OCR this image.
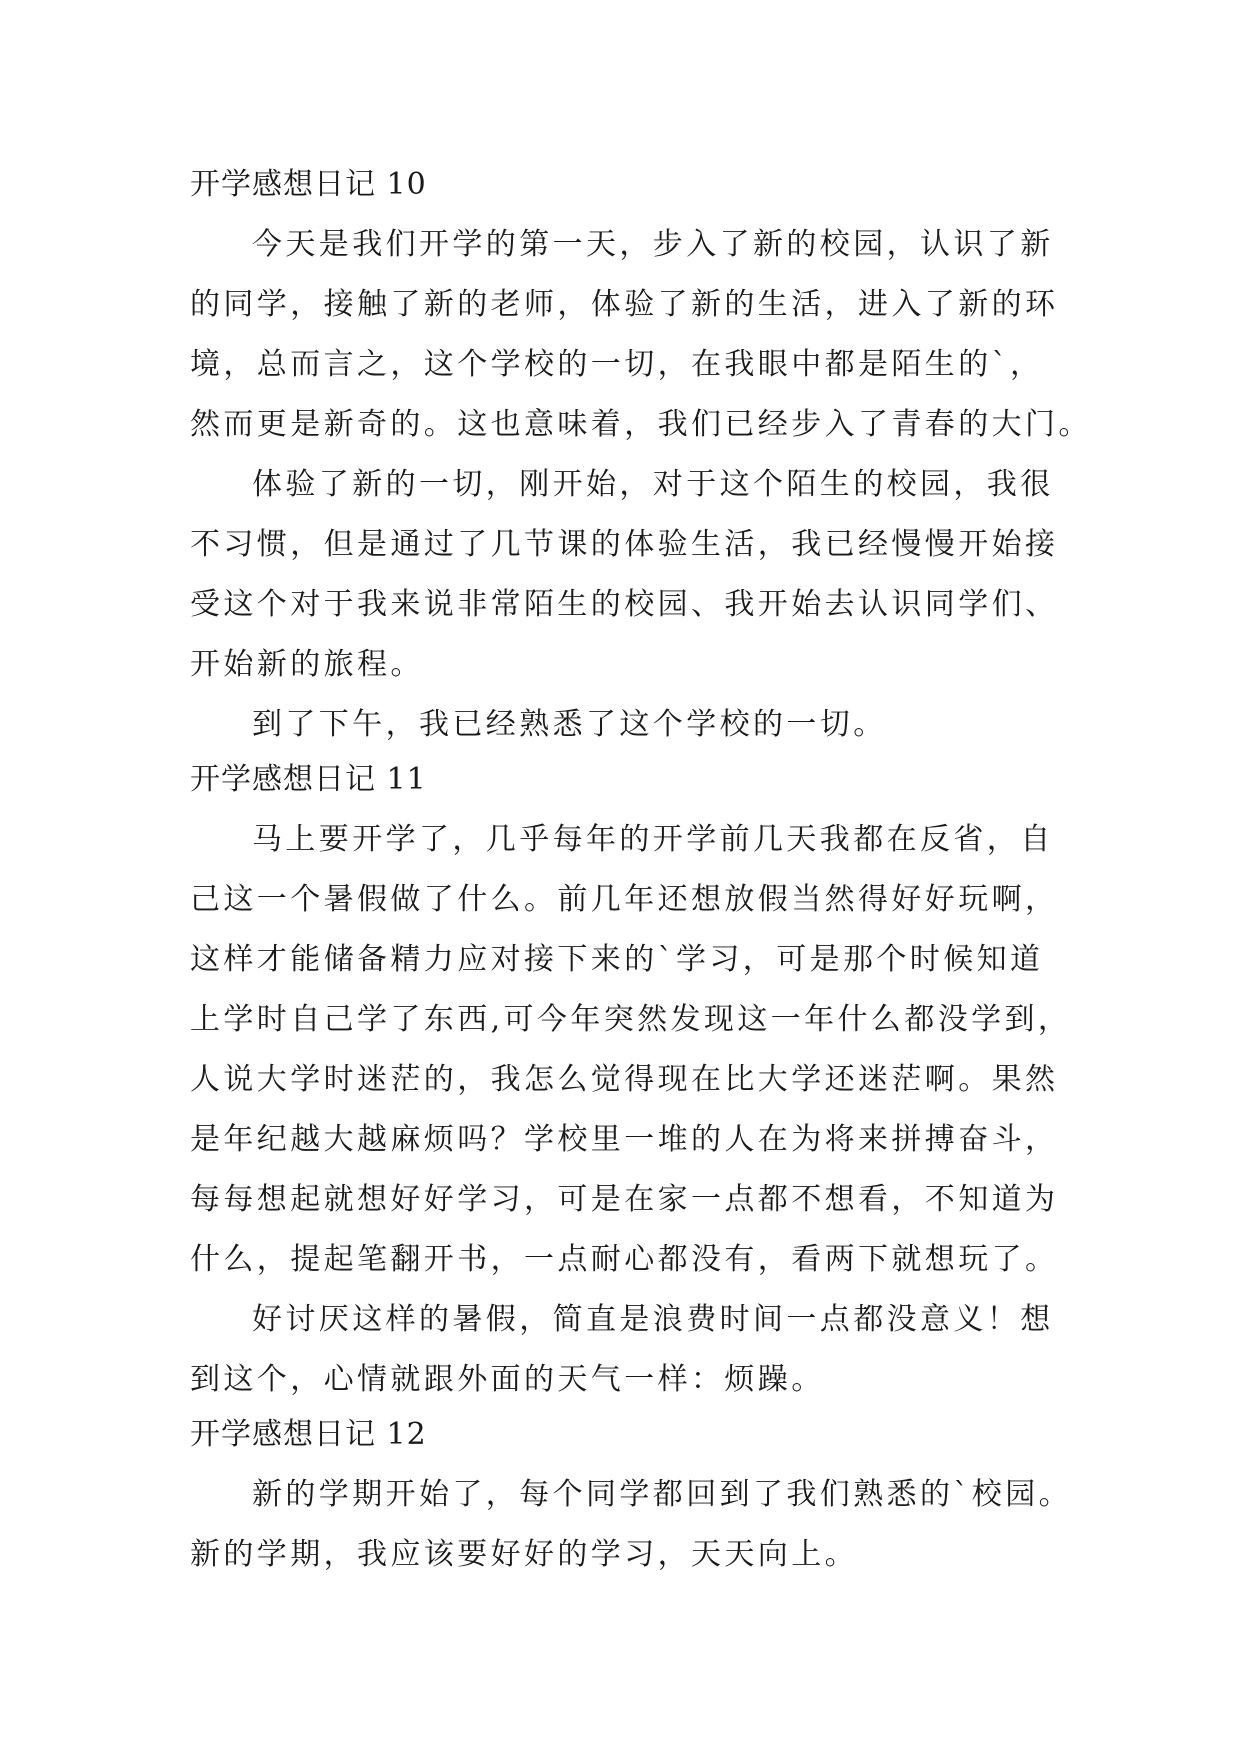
开学感想日记 10
今天是我们开学的第一天，步入了新的校园，认识了新
的同学，接触了新的老师，体验了新的生活，进入了新的环
境，总而言之，这个学校的一切，在我眼中都是陌生的`，
然而更是新奇的。这也意味着，我们已经步入了青春的大门。
体验了新的一切，刚开始，对于这个陌生的校园，我很
不习惯，但是通过了几节课的体验生活，我已经慢慢开始接
受这个对于我来说非常陌生的校园、我开始去认识同学们、
开始新的旅程。
到了下午，我已经熟悉了这个学校的一切。
开学感想日记 11
马上要开学了，几乎每年的开学前几天我都在反省，自
己这一个暑假做了什么。前几年还想放假当然得好好玩啊，
这样才能储备精力应对接下来的`学习，可是那个时候知道
上学时自己学了东西,可今年突然发现这一年什么都没学到，
人说大学时迷茫的，我怎么觉得现在比大学还迷茫啊。果然
是年纪越大越麻烦吗？学校里一堆的人在为将来拼搏奋斗，
每每想起就想好好学习，可是在家一点都不想看，不知道为
什么，提起笔翻开书，一点耐心都没有，看两下就想玩了。
好讨厌这样的暑假，简直是浪费时间一点都没意义！想
到这个，心情就跟外面的天气一样：烦躁。
开学感想日记 12
新的学期开始了，每个同学都回到了我们熟悉的`校园。
新的学期，我应该要好好的学习，天天向上。
